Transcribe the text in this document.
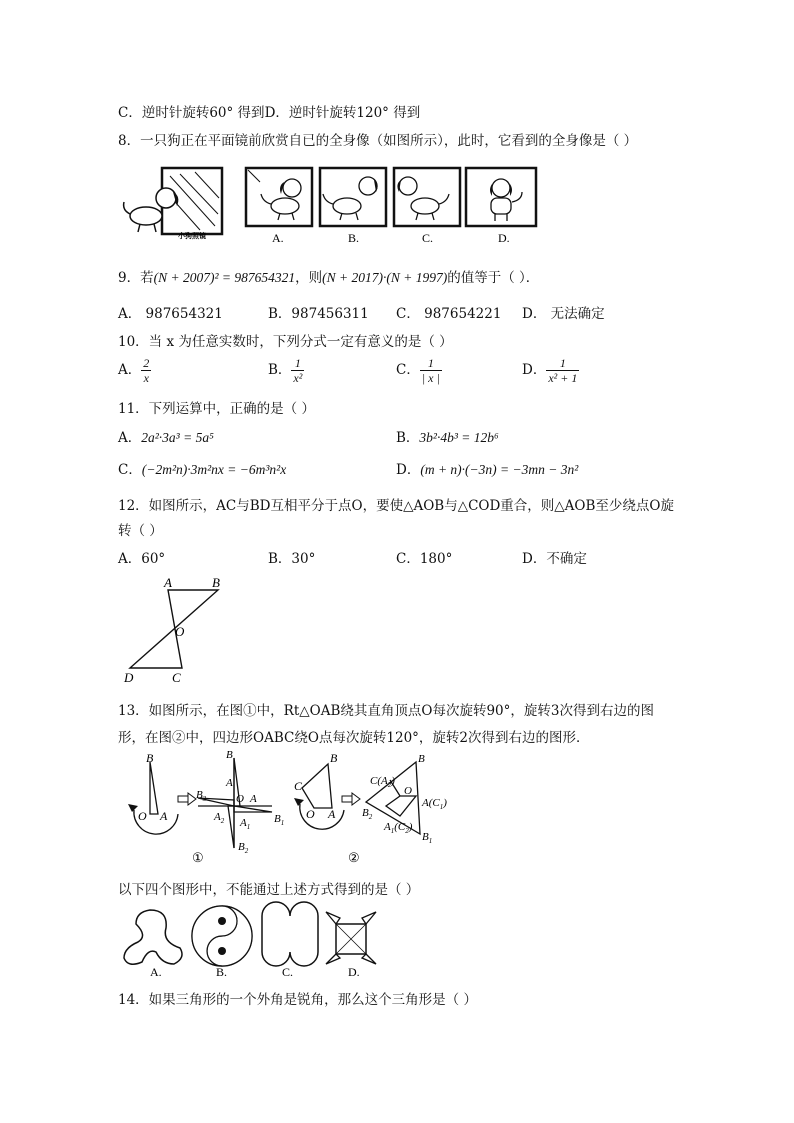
C．逆时针旋转60° 得到D．逆时针旋转120° 得到
8．一只狗正在平面镜前欣赏自已的全身像（如图所示），此时，它看到的全身像是（ ）
小狗照镜	A.	B.	C.	D.
9．若(N + 2007)² = 987654321，则(N + 2017)·(N + 1997)的值等于（ ）．
A． 987654321	B．987456311 C． 987654221 D． 无法确定
10．当 x 为任意实数时，下列分式一定有意义的是（ ）
A． $\frac{2}{x}$	B． $\frac{1}{\text{x²}}$	C． $\frac{1}{| x |}$	D． $\frac{1}{\text{x² + 1}}$
11．下列运算中，正确的是（ ）
A．2a²·3a³ = 5a⁵	B．3b²·4b³ = 12b⁶
C．(−2m²n)·3m²nx = −6m³n²x	D．(m + n)·(−3n) = −3mn − 3n²
12．如图所示，AC与BD互相平分于点O，要使△AOB与△COD重合，则△AOB至少绕点O旋
转（ ）
A．60°	B．30°	C．180°	D．不确定
A	B
O
D	C
13．如图所示，在图①中，Rt△OAB绕其直角顶点O每次旋转90°，旋转3次得到右边的图
形，在图②中，四边形OABC绕O点每次旋转120°，旋转2次得到右边的图形．
B
O A
B
A
$B_3$	O A
$A_2$ $A_1$
$B_1$
$B_2$
①
C
B
O A
$C(A_2)$
B
O
$A(C_1)$
$B_2$
$A_1(C_2)$
$B_1$
②
以下四个图形中，不能通过上述方式得到的是（ ）
A.	B.	C.	D.
14．如果三角形的一个外角是锐角，那么这个三角形是（ ）
